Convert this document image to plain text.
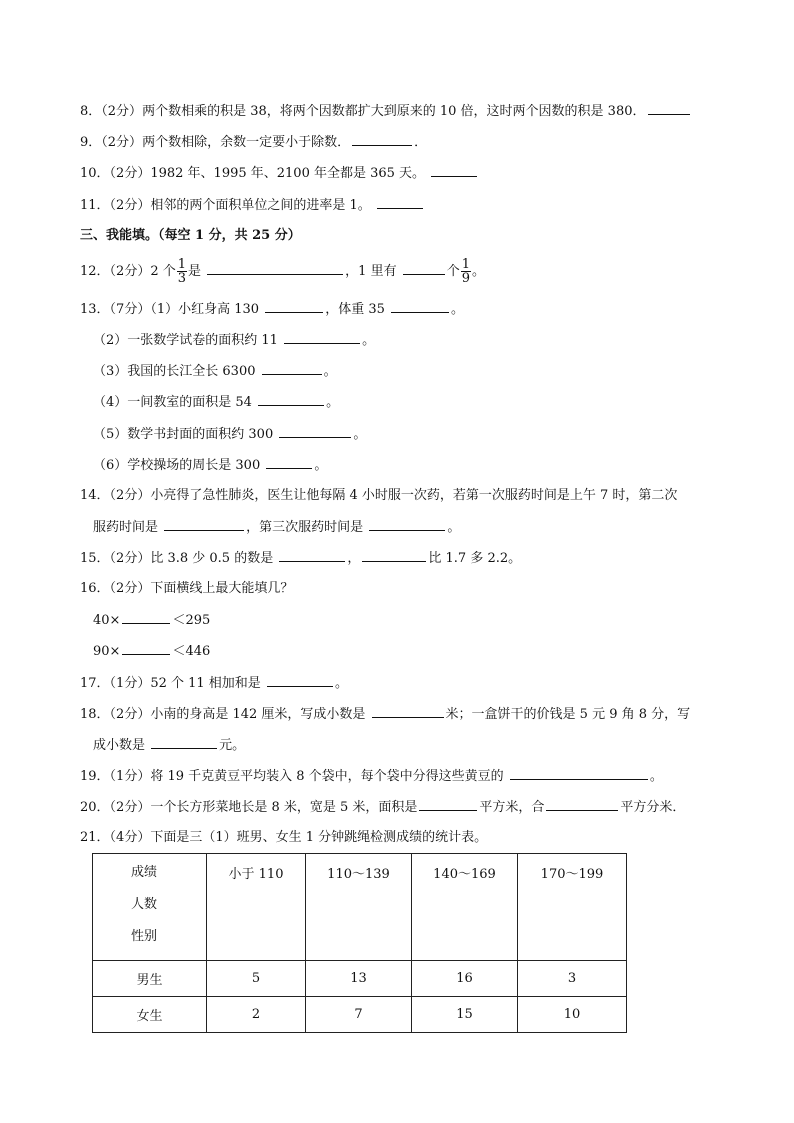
8．（2分）两个数相乘的积是 38，将两个因数都扩大到原来的 10 倍，这时两个因数的积是 380．
9．（2分）两个数相除，余数一定要小于除数．	．
10．（2分）1982 年、1995 年、2100 年全都是 365 天。
11．（2分）相邻的两个面积单位之间的进率是 1。
三、我能填。（每空 1 分，共 25 分）
12．（2分）2 个 $\frac{1}{3}$ 是	，1 里有	个 $\frac{1}{9}$ 。
13．（7分）（1）小红身高 130	，体重 35	。
（2）一张数学试卷的面积约 11	。
（3）我国的长江全长 6300	。
（4）一间教室的面积是 54	。
（5）数学书封面的面积约 300	。
（6）学校操场的周长是 300	。
14．（2分）小亮得了急性肺炎，医生让他每隔 4 小时服一次药，若第一次服药时间是上午 7 时，第二次
服药时间是	，第三次服药时间是	。
15．（2分）比 3.8 少 0.5 的数是	，	比 1.7 多 2.2。
16．（2分）下面横线上最大能填几？
40×	＜295
90×	＜446
17．（1分）52 个 11 相加和是	。
18．（2分）小南的身高是 142 厘米，写成小数是	米；一盒饼干的价钱是 5 元 9 角 8 分，写
成小数是	元。
19．（1分）将 19 千克黄豆平均装入 8 个袋中，每个袋中分得这些黄豆的	。
20．（2分）一个长方形菜地长是 8 米，宽是 5 米，面积是	平方米，合	平方分米．
21．（4分）下面是三（1）班男、女生 1 分钟跳绳检测成绩的统计表。
成绩
人数
性别	小于 110	110～139	140～169	170～199
男生	5	13	16	3
女生	2	7	15	10
